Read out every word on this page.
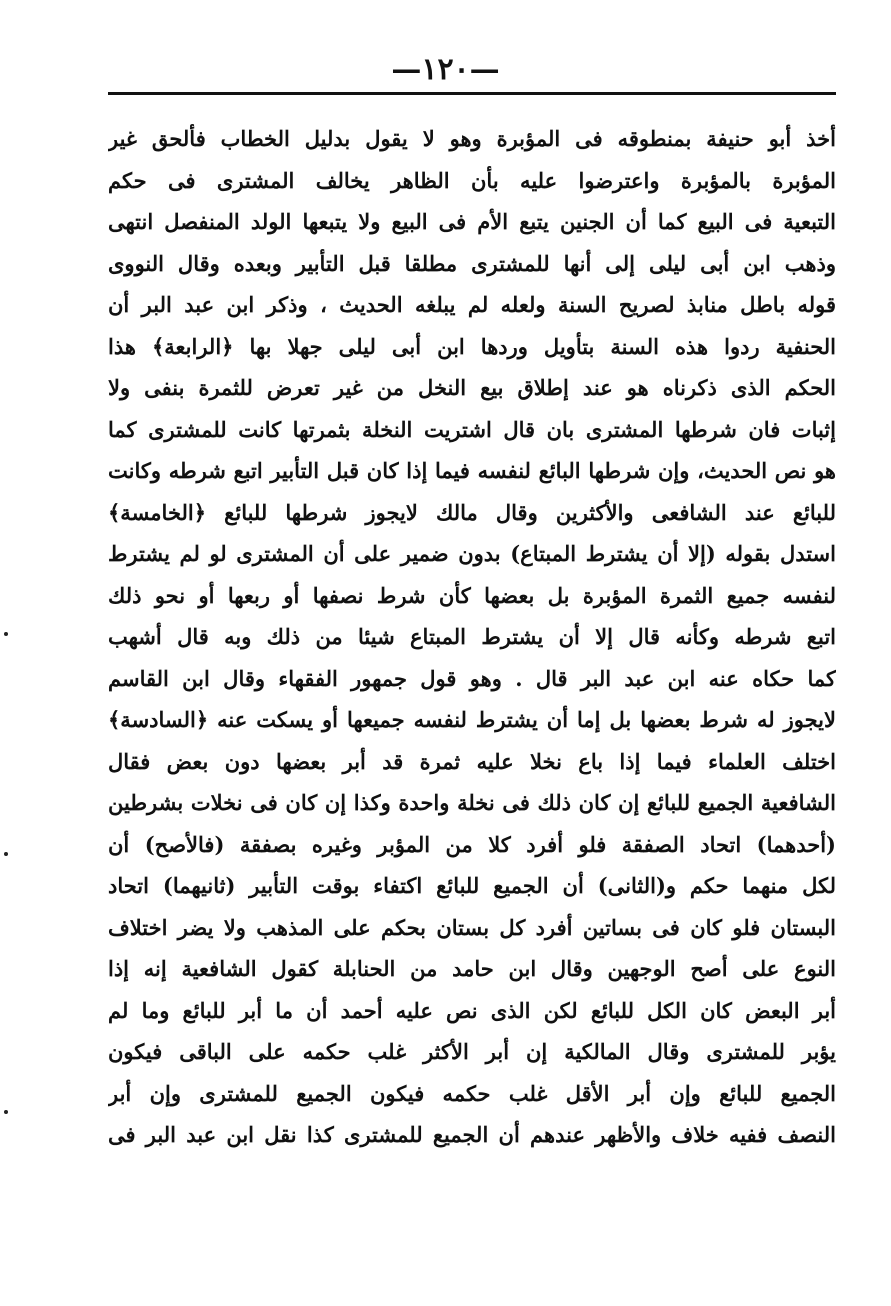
—١٢٠—
أخذ أبو حنيفة بمنطوقه فى المؤبرة وهو لا يقول بدليل الخطاب فألحق غير
المؤبرة بالمؤبرة واعترضوا عليه بأن الظاهر يخالف المشترى فى حكم
التبعية فى البيع كما أن الجنين يتبع الأم فى البيع ولا يتبعها الولد المنفصل انتهى
وذهب ابن أبى ليلى إلى أنها للمشترى مطلقا قبل التأبير وبعده وقال النووى
قوله باطل منابذ لصريح السنة ولعله لم يبلغه الحديث ، وذكر ابن عبد البر أن
الحنفية ردوا هذه السنة بتأويل وردها ابن أبى ليلى جهلا بها ﴿الرابعة﴾ هذا
الحكم الذى ذكرناه هو عند إطلاق بيع النخل من غير تعرض للثمرة بنفى ولا
إثبات فان شرطها المشترى بان قال اشتريت النخلة بثمرتها كانت للمشترى كما
هو نص الحديث، وإن شرطها البائع لنفسه فيما إذا كان قبل التأبير اتبع شرطه وكانت
للبائع عند الشافعى والأكثرين وقال مالك لايجوز شرطها للبائع ﴿الخامسة﴾
استدل بقوله (إلا أن يشترط المبتاع) بدون ضمير على أن المشترى لو لم يشترط
لنفسه جميع الثمرة المؤبرة بل بعضها كأن شرط نصفها أو ربعها أو نحو ذلك
اتبع شرطه وكأنه قال إلا أن يشترط المبتاع شيئا من ذلك وبه قال أشهب
كما حكاه عنه ابن عبد البر قال . وهو قول جمهور الفقهاء وقال ابن القاسم
لايجوز له شرط بعضها بل إما أن يشترط لنفسه جميعها أو يسكت عنه ﴿السادسة﴾
اختلف العلماء فيما إذا باع نخلا عليه ثمرة قد أبر بعضها دون بعض فقال
الشافعية الجميع للبائع إن كان ذلك فى نخلة واحدة وكذا إن كان فى نخلات بشرطين
(أحدهما) اتحاد الصفقة فلو أفرد كلا من المؤبر وغيره بصفقة (فالأصح) أن
لكل منهما حكم و(الثانى) أن الجميع للبائع اكتفاء بوقت التأبير (ثانيهما) اتحاد
البستان فلو كان فى بساتين أفرد كل بستان بحكم على المذهب ولا يضر اختلاف
النوع على أصح الوجهين وقال ابن حامد من الحنابلة كقول الشافعية إنه إذا
أبر البعض كان الكل للبائع لكن الذى نص عليه أحمد أن ما أبر للبائع وما لم
يؤبر للمشترى وقال المالكية إن أبر الأكثر غلب حكمه على الباقى فيكون
الجميع للبائع وإن أبر الأقل غلب حكمه فيكون الجميع للمشترى وإن أبر
النصف ففيه خلاف والأظهر عندهم أن الجميع للمشترى كذا نقل ابن عبد البر فى
